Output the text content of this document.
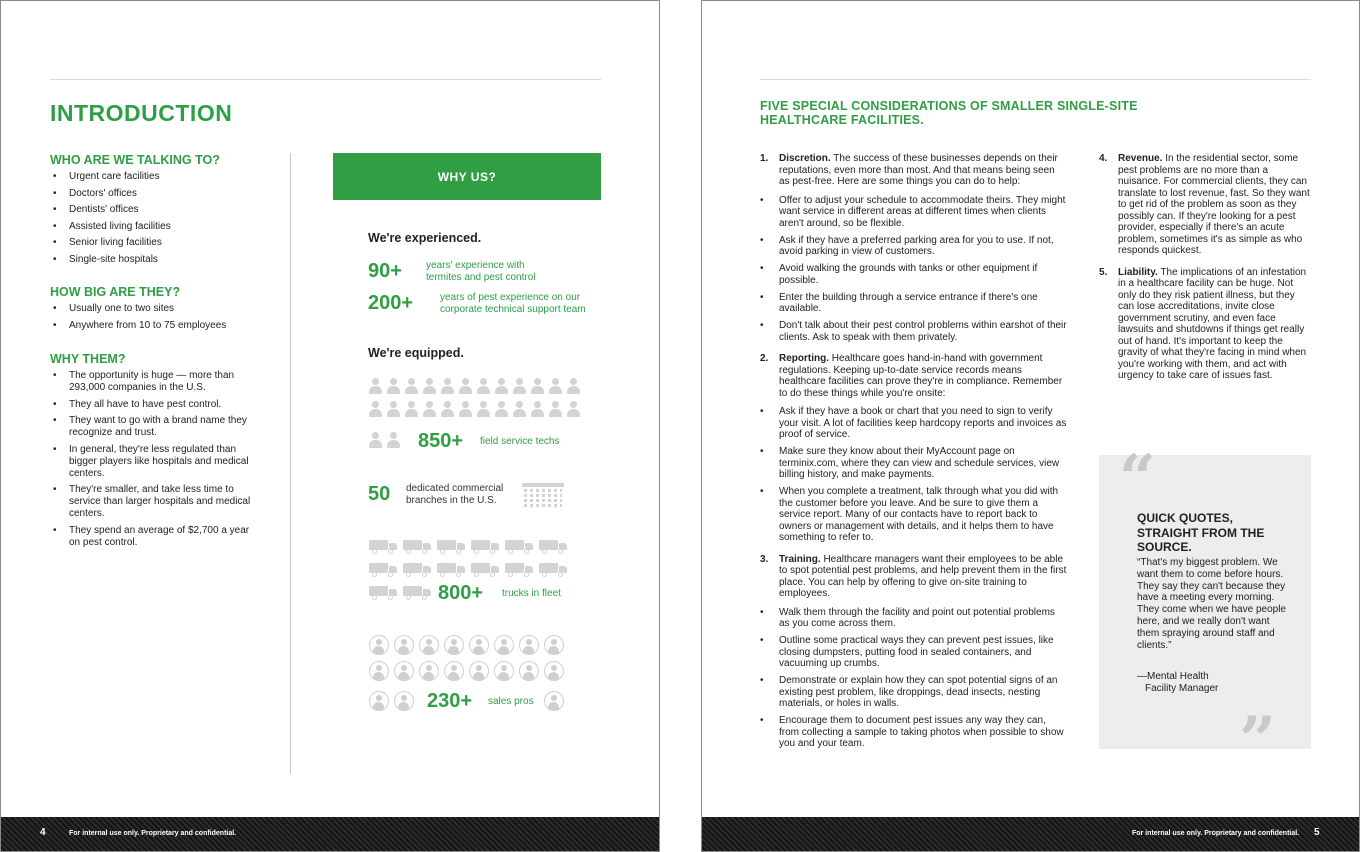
INTRODUCTION
WHO ARE WE TALKING TO?
• Urgent care facilities
• Doctors' offices
• Dentists' offices
• Assisted living facilities
• Senior living facilities
• Single-site hospitals
HOW BIG ARE THEY?
• Usually one to two sites
• Anywhere from 10 to 75 employees
WHY THEM?
• The opportunity is huge — more than 293,000 companies in the U.S.
• They all have to have pest control.
• They want to go with a brand name they recognize and trust.
• In general, they're less regulated than bigger players like hospitals and medical centers.
• They're smaller, and take less time to service than larger hospitals and medical centers.
• They spend an average of $2,700 a year on pest control.
WHY US?
We're experienced.
90+ years' experience with
termites and pest control
200+	years of pest experience on our
corporate technical support team
We're equipped.
850+ field service techs
50 dedicated commercial
branches in the U.S.
800+ trucks in fleet
230+ sales pros
4	For internal use only. Proprietary and confidential.
FIVE SPECIAL CONSIDERATIONS OF SMALLER SINGLE-SITE HEALTHCARE FACILITIES.
1. Discretion. The success of these businesses depends on their reputations, even more than most. And that means being seen as pest-free. Here are some things you can do to help:
• Offer to adjust your schedule to accommodate theirs. They might want service in different areas at different times when clients aren't around, so be flexible.
• Ask if they have a preferred parking area for you to use. If not, avoid parking in view of customers.
• Avoid walking the grounds with tanks or other equipment if possible.
• Enter the building through a service entrance if there's one available.
• Don't talk about their pest control problems within earshot of their clients. Ask to speak with them privately.
2. Reporting. Healthcare goes hand-in-hand with government regulations. Keeping up-to-date service records means healthcare facilities can prove they're in compliance. Remember to do these things while you're onsite:
• Ask if they have a book or chart that you need to sign to verify your visit. A lot of facilities keep hardcopy reports and invoices as proof of service.
• Make sure they know about their MyAccount page on terminix.com, where they can view and schedule services, view billing history, and make payments.
• When you complete a treatment, talk through what you did with the customer before you leave. And be sure to give them a service report. Many of our contacts have to report back to owners or management with details, and it helps them to have something to refer to.
3. Training. Healthcare managers want their employees to be able to spot potential pest problems, and help prevent them in the first place. You can help by offering to give on-site training to employees.
• Walk them through the facility and point out potential problems as you come across them.
• Outline some practical ways they can prevent pest issues, like closing dumpsters, putting food in sealed containers, and vacuuming up crumbs.
• Demonstrate or explain how they can spot potential signs of an existing pest problem, like droppings, dead insects, nesting materials, or holes in walls.
• Encourage them to document pest issues any way they can, from collecting a sample to taking photos when possible to show you and your team.
4. Revenue. In the residential sector, some pest problems are no more than a nuisance. For commercial clients, they can translate to lost revenue, fast. So they want to get rid of the problem as soon as they possibly can. If they're looking for a pest provider, especially if there's an acute problem, sometimes it's as simple as who responds quickest.
5. Liability. The implications of an infestation in a healthcare facility can be huge. Not only do they risk patient illness, but they can lose accreditations, invite close government scrutiny, and even face lawsuits and shutdowns if things get really out of hand. It's important to keep the gravity of what they're facing in mind when you're working with them, and act with urgency to take care of issues fast.
“
QUICK QUOTES, STRAIGHT FROM THE SOURCE.
“That's my biggest problem. We want them to come before hours. They say they can't because they have a meeting every morning. They come when we have people here, and we really don't want them spraying around staff and clients.”
—Mental Health
Facility Manager
”
For internal use only. Proprietary and confidential. 5
